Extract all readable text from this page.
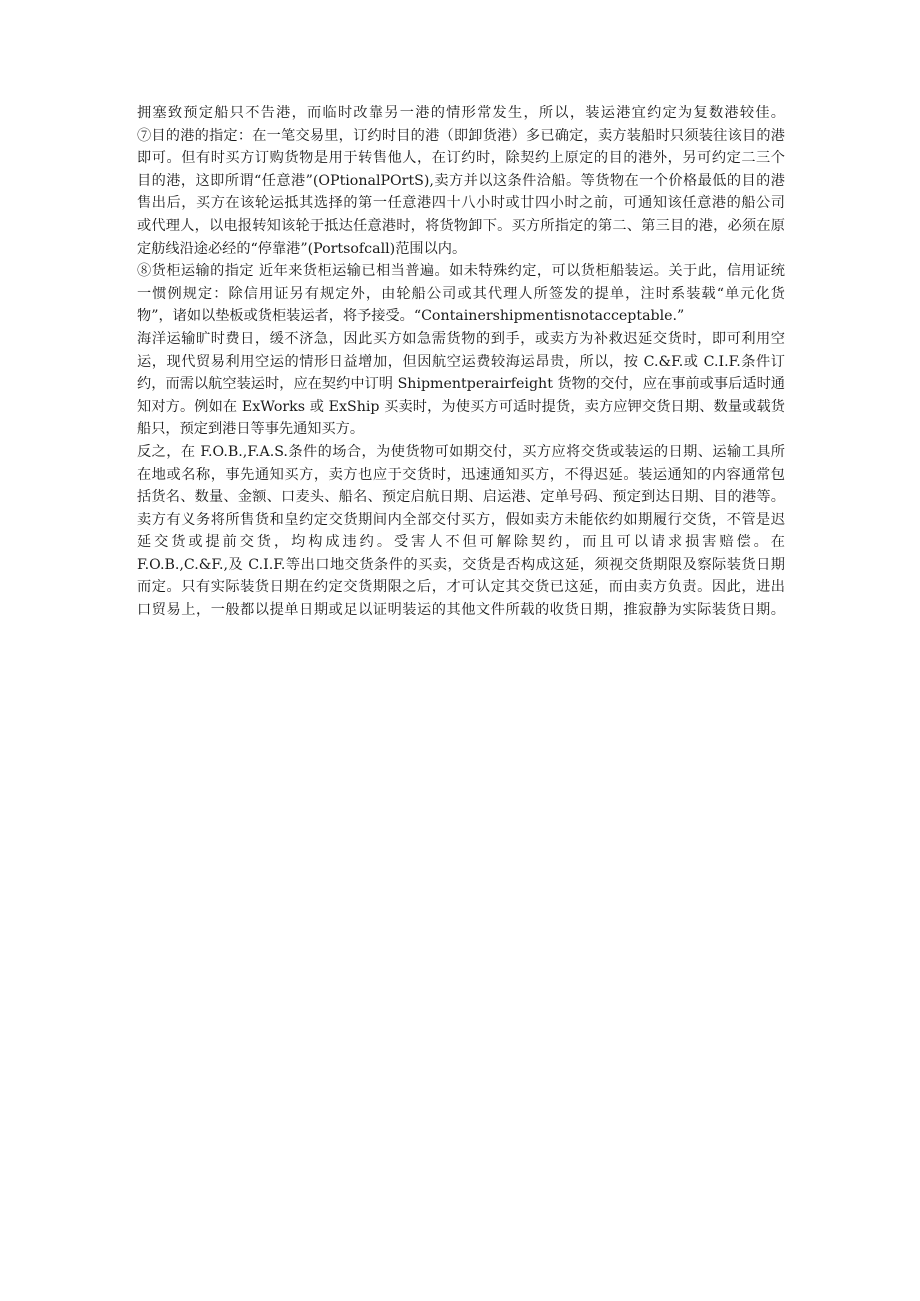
拥塞致预定船只不告港，而临时改靠另一港的情形常发生，所以，装运港宜约定为复数港较佳。
⑦目的港的指定：在一笔交易里，订约时目的港（即卸货港）多已确定，卖方装船时只须装往该目的港
即可。但有时买方订购货物是用于转售他人，在订约时，除契约上原定的目的港外，另可约定二三个
目的港，这即所谓“任意港”(OPtionalPOrtS),卖方并以这条件洽船。等货物在一个价格最低的目的港
售出后，买方在该轮运抵其选择的第一任意港四十八小时或廿四小时之前，可通知该任意港的船公司
或代理人，以电报转知该轮于抵达任意港时，将货物卸下。买方所指定的第二、第三目的港，必须在原
定舫线沿途必经的“停靠港”(Portsofcall)范围以内。
⑧货柜运输的指定 近年来货柜运输已相当普遍。如未特殊约定，可以货柜船装运。关于此，信用证统
一惯例规定：除信用证另有规定外，由轮船公司或其代理人所签发的提单，注时系装载“单元化货
物”，诸如以垫板或货柜装运者，将予接受。“Containershipmentisnotacceptable.”
海洋运输旷时费日，缓不济急，因此买方如急需货物的到手，或卖方为补救迟延交货时，即可利用空
运，现代贸易利用空运的情形日益增加，但因航空运费较海运昂贵，所以，按 C.&F.或 C.I.F.条件订
约，而需以航空装运时，应在契约中订明 Shipmentperairfeight 货物的交付，应在事前或事后适时通
知对方。例如在 ExWorks 或 ExShip 买卖时，为使买方可适时提货，卖方应钾交货日期、数量或载货
船只，预定到港日等事先通知买方。
反之，在 F.O.B.,F.A.S.条件的场合，为使货物可如期交付，买方应将交货或装运的日期、运输工具所
在地或名称，事先通知买方，卖方也应于交货时，迅速通知买方，不得迟延。装运通知的内容通常包
括货名、数量、金额、口麦头、船名、预定启航日期、启运港、定单号码、预定到达日期、目的港等。
卖方有义务将所售货和皇约定交货期间内全部交付买方，假如卖方未能依约如期履行交货，不管是迟
延交货或提前交货，均构成违约。受害人不但可解除契约，而且可以请求损害赔偿。在
F.O.B.,C.&F.,及 C.I.F.等出口地交货条件的买卖，交货是否构成这延，须视交货期限及察际装货日期
而定。只有实际装货日期在约定交货期限之后，才可认定其交货已这延，而由卖方负责。因此，进出
口贸易上，一般都以提单日期或足以证明装运的其他文件所载的收货日期，推寂静为实际装货日期。
